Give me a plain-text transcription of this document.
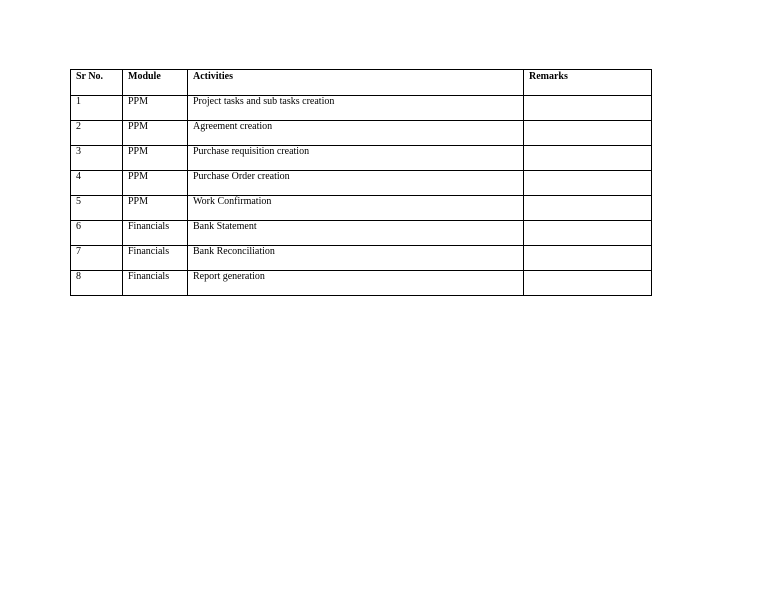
Sr No.	Module	Activities	Remarks
1	PPM	Project tasks and sub tasks creation	
2	PPM	Agreement creation	
3	PPM	Purchase requisition creation	
4	PPM	Purchase Order creation	
5	PPM	Work Confirmation	
6	Financials	Bank Statement	
7	Financials	Bank Reconciliation	
8	Financials	Report generation	
